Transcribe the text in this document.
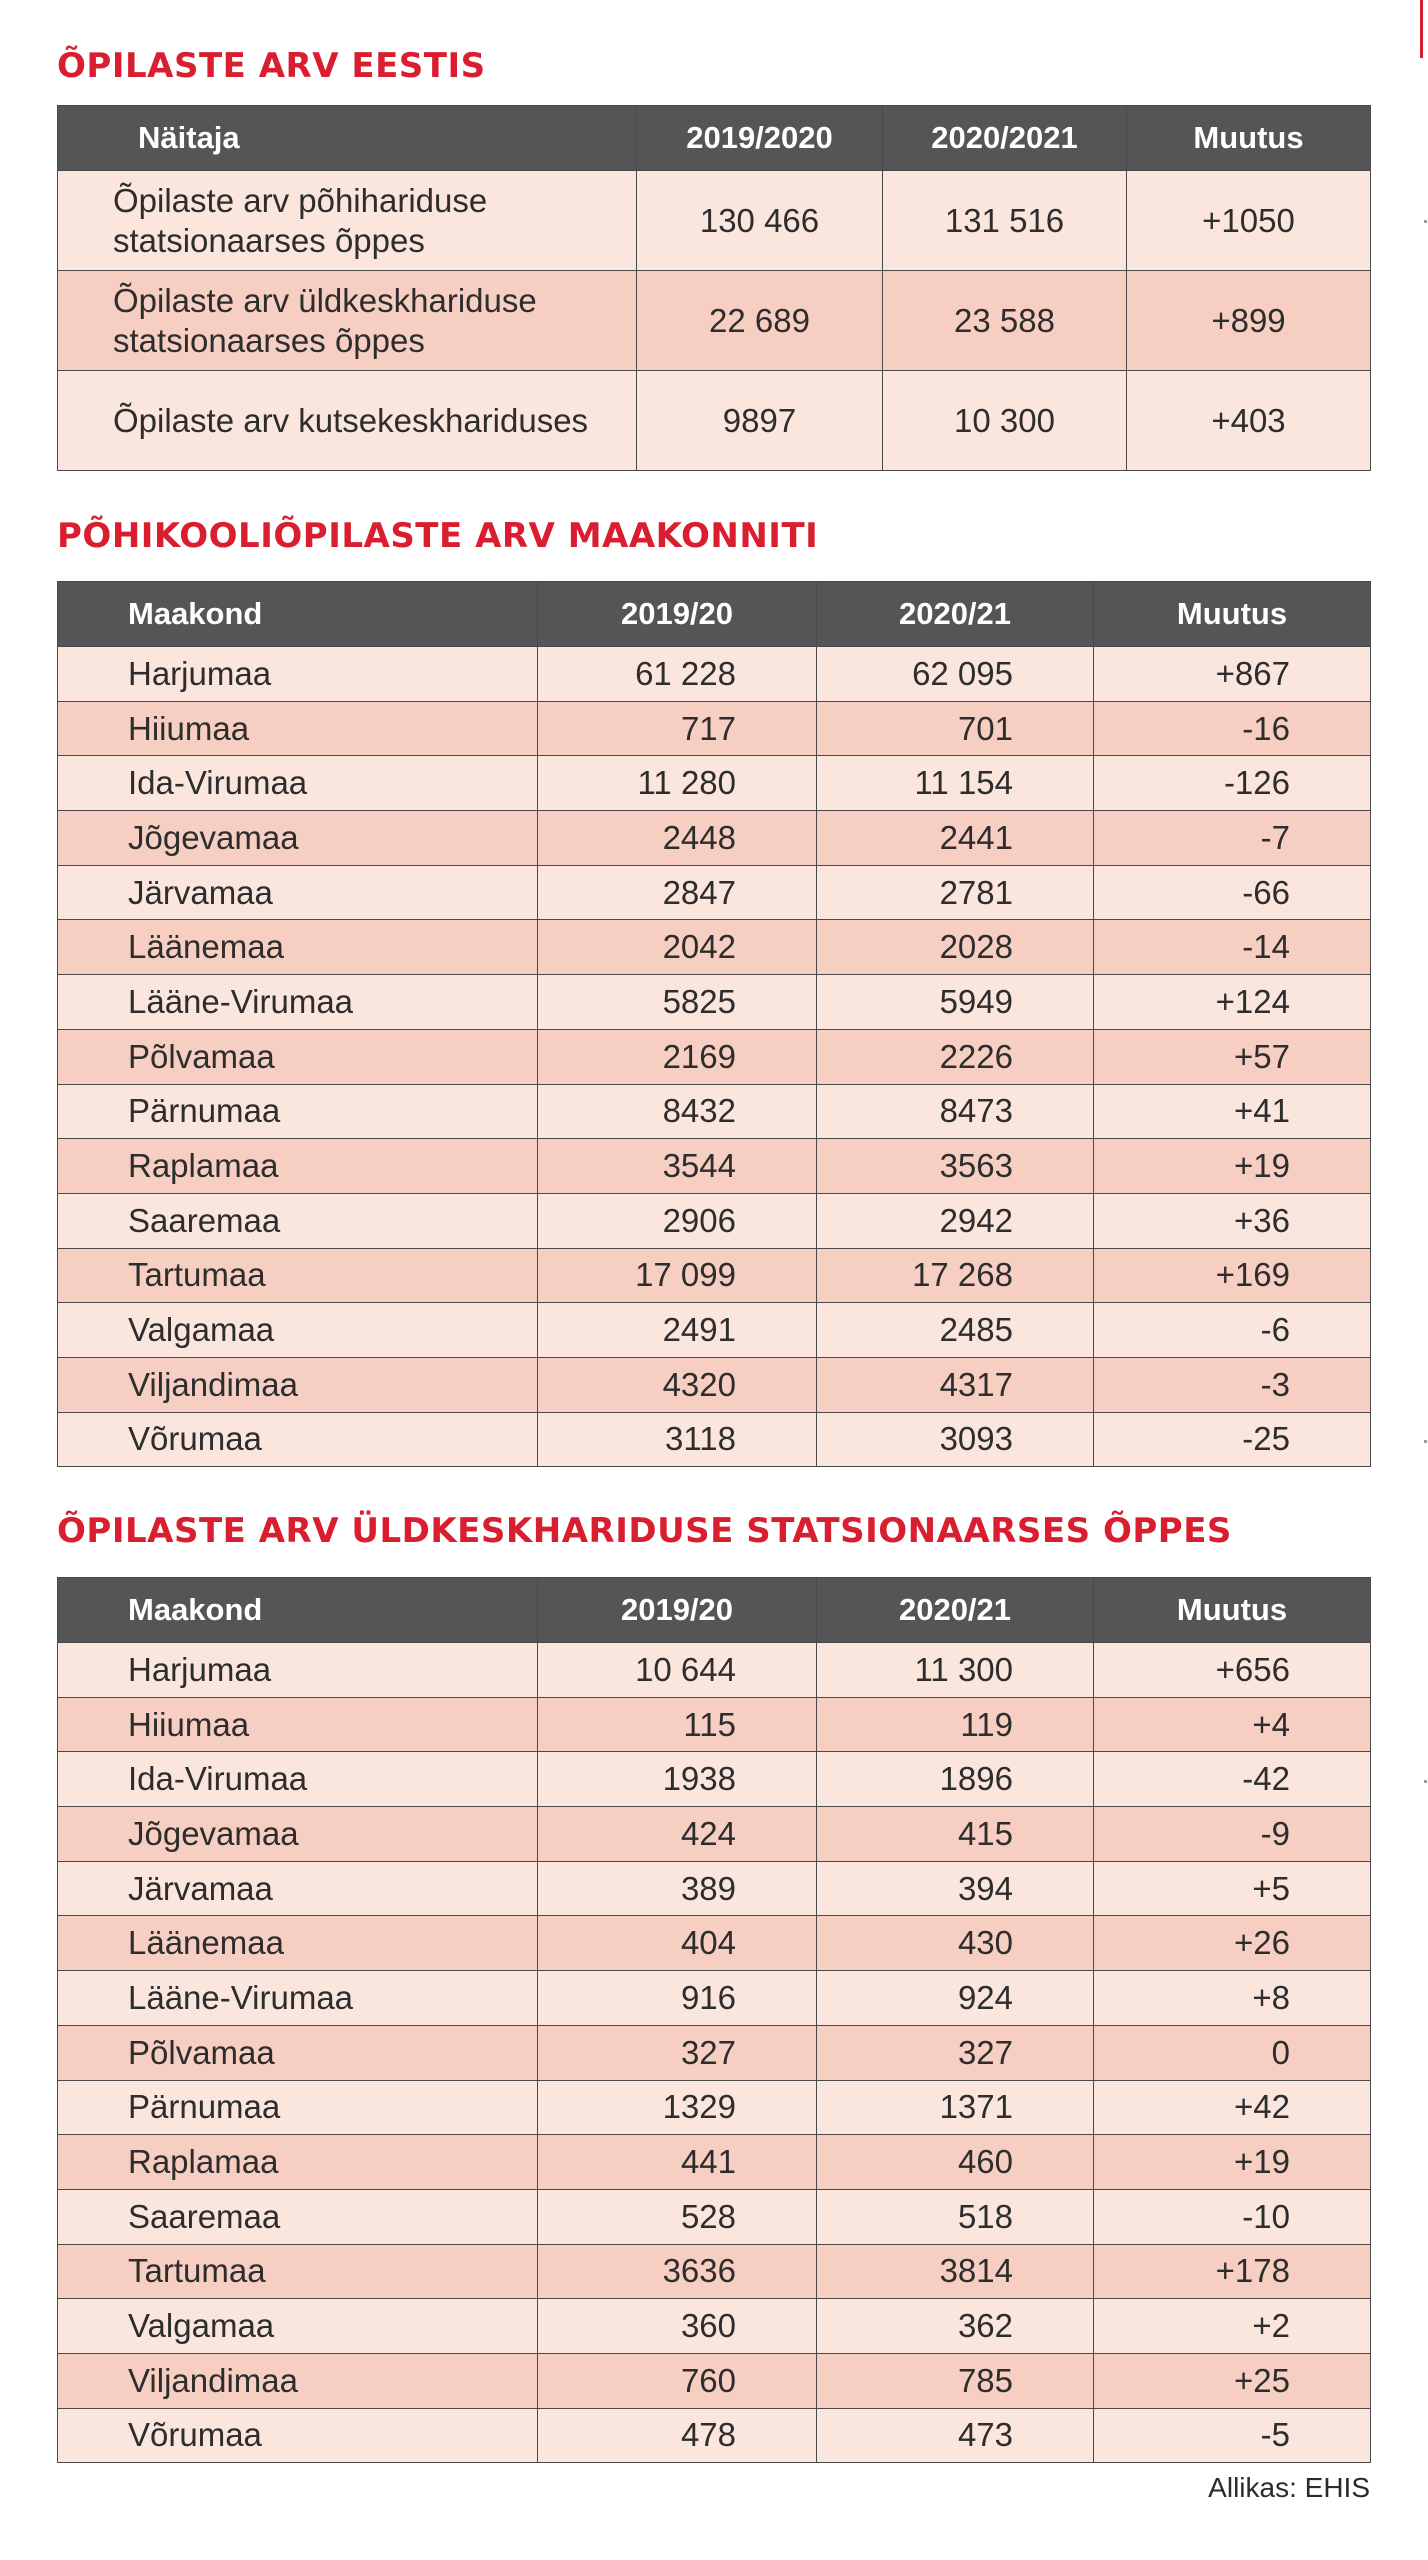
ÕPILASTE ARV EESTIS
Näitaja	2019/2020	2020/2021	Muutus
Õpilaste arv põhihariduse statsionaarses õppes	130 466	131 516	+1050
Õpilaste arv üldkeskhariduse statsionaarses õppes	22 689	23 588	+899
Õpilaste arv kutsekeskhariduses	9897	10 300	+403
PÕHIKOOLIÕPILASTE ARV MAAKONNITI
Maakond	2019/20	2020/21	Muutus
Harjumaa	61 228	62 095	+867
Hiiumaa	717	701	-16
Ida-Virumaa	11 280	11 154	-126
Jõgevamaa	2448	2441	-7
Järvamaa	2847	2781	-66
Läänemaa	2042	2028	-14
Lääne-Virumaa	5825	5949	+124
Põlvamaa	2169	2226	+57
Pärnumaa	8432	8473	+41
Raplamaa	3544	3563	+19
Saaremaa	2906	2942	+36
Tartumaa	17 099	17 268	+169
Valgamaa	2491	2485	-6
Viljandimaa	4320	4317	-3
Võrumaa	3118	3093	-25
ÕPILASTE ARV ÜLDKESKHARIDUSE STATSIONAARSES ÕPPES
Maakond	2019/20	2020/21	Muutus
Harjumaa	10 644	11 300	+656
Hiiumaa	115	119	+4
Ida-Virumaa	1938	1896	-42
Jõgevamaa	424	415	-9
Järvamaa	389	394	+5
Läänemaa	404	430	+26
Lääne-Virumaa	916	924	+8
Põlvamaa	327	327	0
Pärnumaa	1329	1371	+42
Raplamaa	441	460	+19
Saaremaa	528	518	-10
Tartumaa	3636	3814	+178
Valgamaa	360	362	+2
Viljandimaa	760	785	+25
Võrumaa	478	473	-5
Allikas: EHIS
